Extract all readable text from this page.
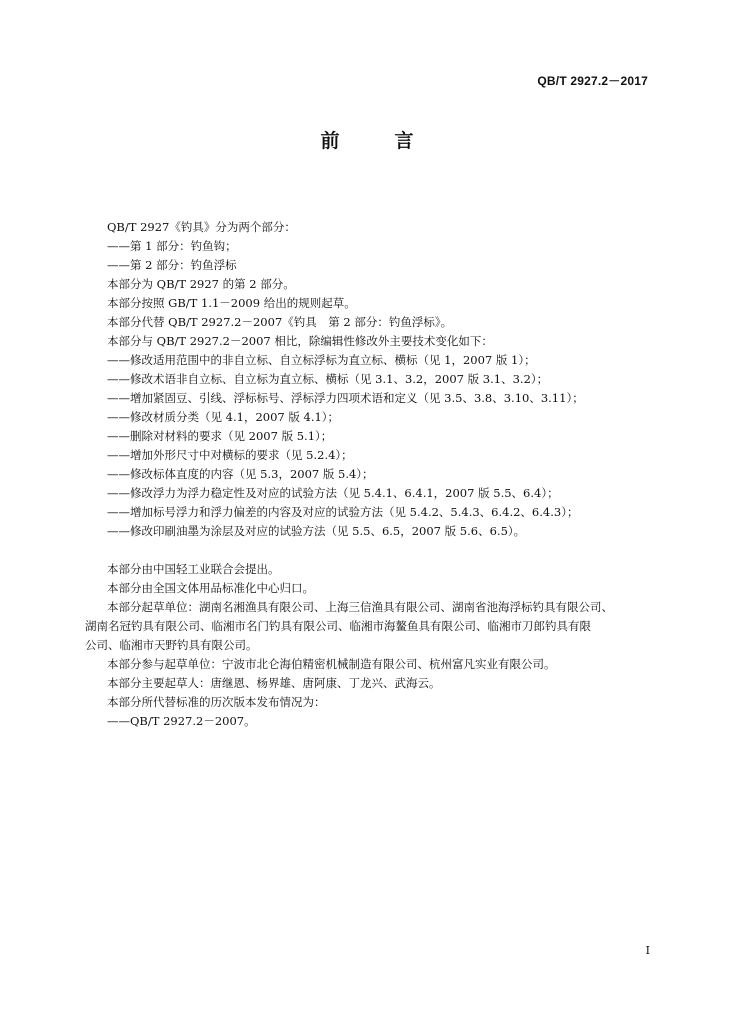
QB/T 2927.2－2017
前　言
QB/T 2927《钓具》分为两个部分：
——第 1 部分：钓鱼钩；
——第 2 部分：钓鱼浮标
本部分为 QB/T 2927 的第 2 部分。
本部分按照 GB/T 1.1－2009 给出的规则起草。
本部分代替 QB/T 2927.2－2007《钓具　第 2 部分：钓鱼浮标》。
本部分与 QB/T 2927.2－2007 相比，除编辑性修改外主要技术变化如下：
——修改适用范围中的非自立标、自立标浮标为直立标、横标（见 1，2007 版 1）；
——修改术语非自立标、自立标为直立标、横标（见 3.1、3.2，2007 版 3.1、3.2）；
——增加紧固豆、引线、浮标标号、浮标浮力四项术语和定义（见 3.5、3.8、3.10、3.11）；
——修改材质分类（见 4.1，2007 版 4.1）；
——删除对材料的要求（见 2007 版 5.1）；
——增加外形尺寸中对横标的要求（见 5.2.4）；
——修改标体直度的内容（见 5.3，2007 版 5.4）；
——修改浮力为浮力稳定性及对应的试验方法（见 5.4.1、6.4.1，2007 版 5.5、6.4）；
——增加标号浮力和浮力偏差的内容及对应的试验方法（见 5.4.2、5.4.3、6.4.2、6.4.3）；
——修改印刷油墨为涂层及对应的试验方法（见 5.5、6.5，2007 版 5.6、6.5）。
本部分由中国轻工业联合会提出。
本部分由全国文体用品标准化中心归口。
本部分起草单位：湖南名湘渔具有限公司、上海三信渔具有限公司、湖南省池海浮标钓具有限公司、
湖南名冠钓具有限公司、临湘市名门钓具有限公司、临湘市海鳌鱼具有限公司、临湘市刀郎钓具有限
公司、临湘市天野钓具有限公司。
本部分参与起草单位：宁波市北仑海伯精密机械制造有限公司、杭州富凡实业有限公司。
本部分主要起草人：唐继恩、杨界雄、唐阿康、丁龙兴、武海云。
本部分所代替标准的历次版本发布情况为：
——QB/T 2927.2－2007。
I
